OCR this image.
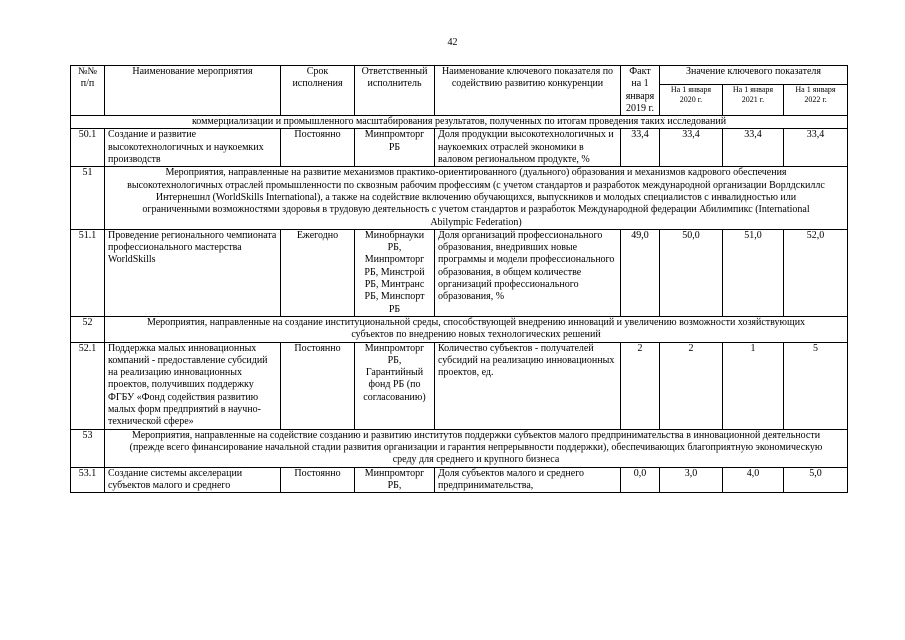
42
№№ п/п	Наименование мероприятия	Срок исполнения	Ответственный исполнитель	Наименование ключевого показателя по содействию развитию конкуренции	Факт на 1 января 2019 г.	Значение ключевого показателя		
						На 1 января 2020 г.	На 1 января 2021 г.	На 1 января 2022 г.
коммерциализации и промышленного масштабирования результатов, полученных по итогам проведения таких исследований								
50.1	Создание и развитие высокотехнологичных и наукоемких производств	Постоянно	Минпромторг РБ	Доля продукции высокотехнологичных и наукоемких отраслей экономики в валовом региональном продукте, %	33,4	33,4	33,4	33,4
51	Мероприятия, направленные на развитие механизмов практико-ориентированного (дуального) образования и механизмов кадрового обеспечения высокотехнологичных отраслей промышленности по сквозным рабочим профессиям (с учетом стандартов и разработок международной организации Ворлдскиллс Интернешнл (WorldSkills International), а также на содействие включению обучающихся, выпускников и молодых специалистов с инвалидностью или ограниченными возможностями здоровья в трудовую деятельность с учетом стандартов и разработок Международной федерации Абилимпикс (International Abilympic Federation)							
51.1	Проведение регионального чемпионата профессионального мастерства WorldSkills	Ежегодно	Минобрнауки РБ, Минпромторг РБ, Минстрой РБ, Минтранс РБ, Минспорт РБ	Доля организаций профессионального образования, внедривших новые программы и модели профессионального образования, в общем количестве организаций профессионального образования, %	49,0	50,0	51,0	52,0
52	Мероприятия, направленные на создание институциональной среды, способствующей внедрению инноваций и увеличению возможности хозяйствующих субъектов по внедрению новых технологических решений							
52.1	Поддержка малых инновационных компаний - предоставление субсидий на реализацию инновационных проектов, получивших поддержку ФГБУ «Фонд содействия развитию малых форм предприятий в научно-технической сфере»	Постоянно	Минпромторг РБ, Гарантийный фонд РБ (по согласованию)	Количество субъектов - получателей субсидий на реализацию инновационных проектов, ед.	2	2	1	5
53	Мероприятия, направленные на содействие созданию и развитию институтов поддержки субъектов малого предпринимательства в инновационной деятельности (прежде всего финансирование начальной стадии развития организации и гарантия непрерывности поддержки), обеспечивающих благоприятную экономическую среду для среднего и крупного бизнеса							
53.1	Создание системы акселерации субъектов малого и среднего	Постоянно	Минпромторг РБ,	Доля субъектов малого и среднего предпринимательства,	0,0	3,0	4,0	5,0
